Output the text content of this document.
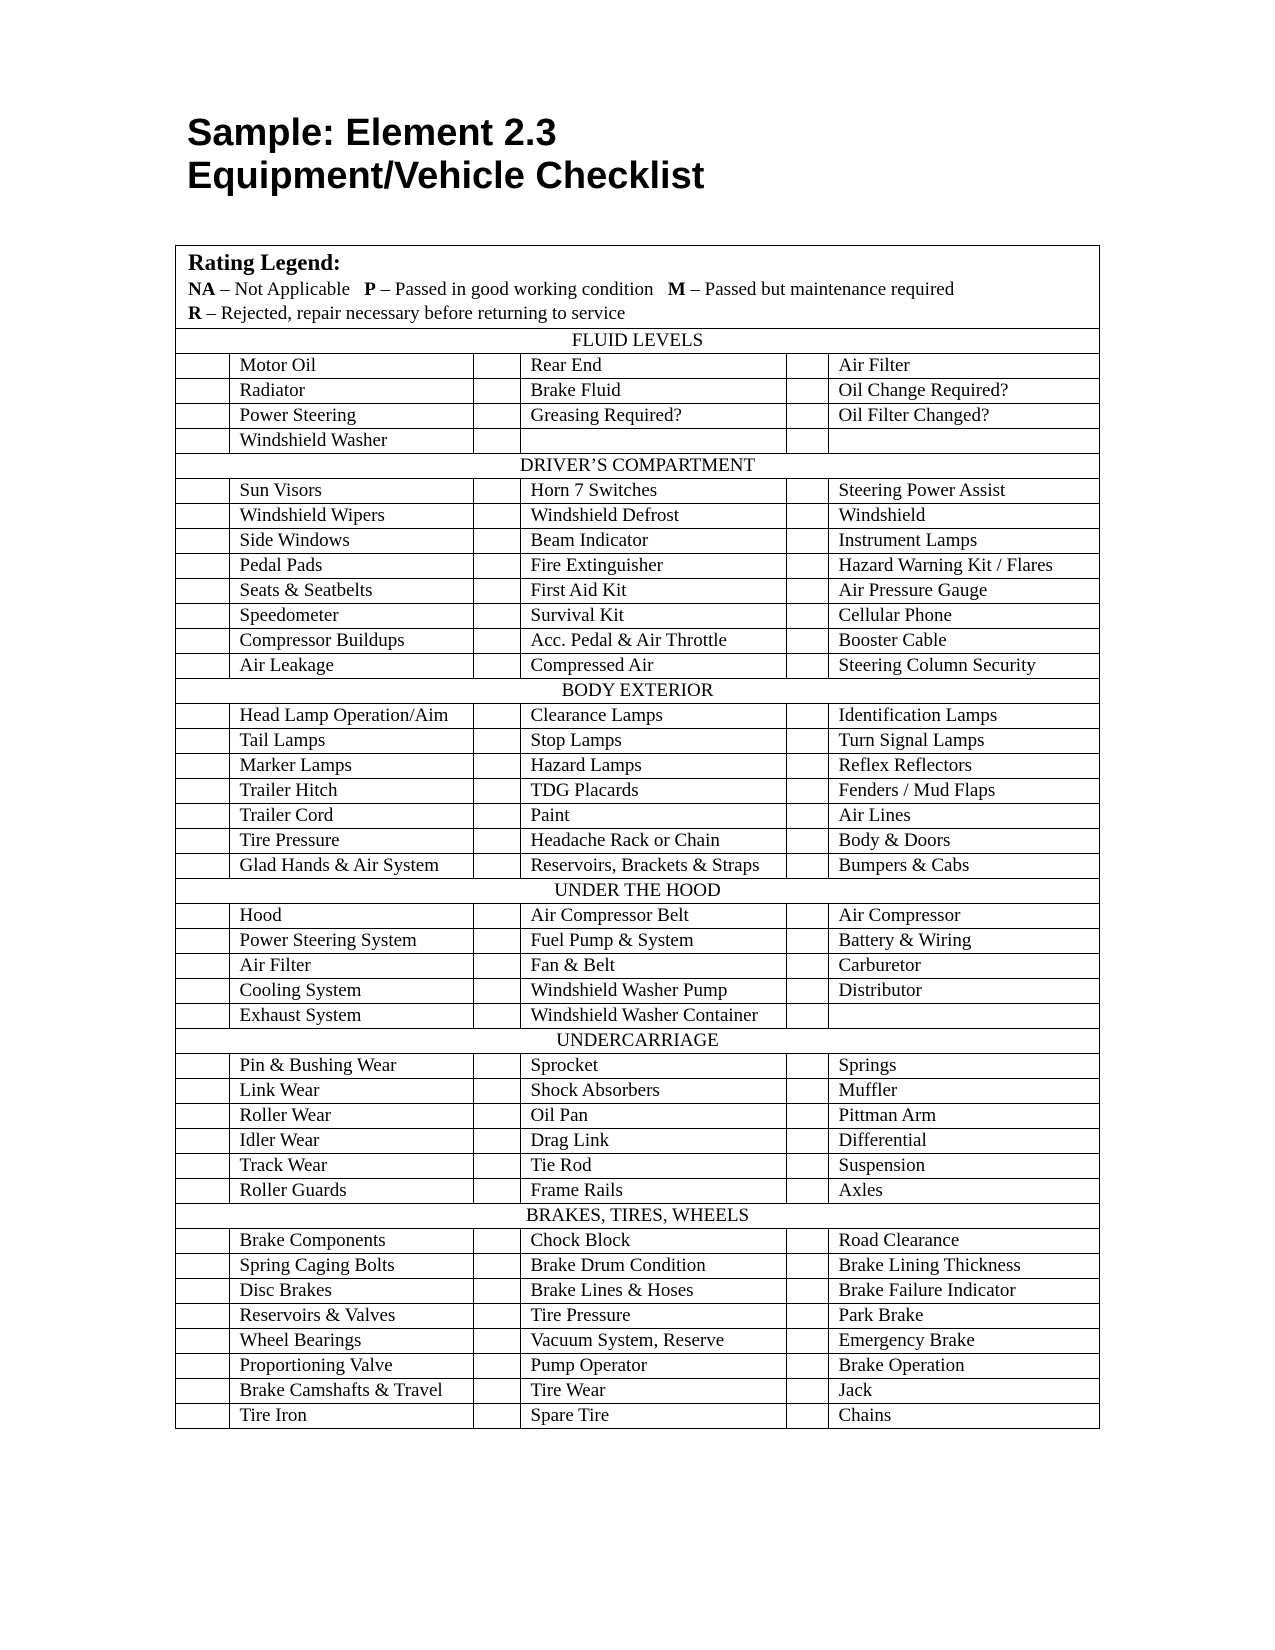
Sample: Element 2.3
Equipment/Vehicle Checklist
Rating Legend:
NA – Not Applicable P – Passed in good working condition M – Passed but maintenance required
R – Rejected, repair necessary before returning to service
FLUID LEVELS					
	Motor Oil		Rear End		Air Filter
	Radiator		Brake Fluid		Oil Change Required?
	Power Steering		Greasing Required?		Oil Filter Changed?
	Windshield Washer				
DRIVER’S COMPARTMENT					
	Sun Visors		Horn 7 Switches		Steering Power Assist
	Windshield Wipers		Windshield Defrost		Windshield
	Side Windows		Beam Indicator		Instrument Lamps
	Pedal Pads		Fire Extinguisher		Hazard Warning Kit / Flares
	Seats & Seatbelts		First Aid Kit		Air Pressure Gauge
	Speedometer		Survival Kit		Cellular Phone
	Compressor Buildups		Acc. Pedal & Air Throttle		Booster Cable
	Air Leakage		Compressed Air		Steering Column Security
BODY EXTERIOR					
	Head Lamp Operation/Aim		Clearance Lamps		Identification Lamps
	Tail Lamps		Stop Lamps		Turn Signal Lamps
	Marker Lamps		Hazard Lamps		Reflex Reflectors
	Trailer Hitch		TDG Placards		Fenders / Mud Flaps
	Trailer Cord		Paint		Air Lines
	Tire Pressure		Headache Rack or Chain		Body & Doors
	Glad Hands & Air System		Reservoirs, Brackets & Straps		Bumpers & Cabs
UNDER THE HOOD					
	Hood		Air Compressor Belt		Air Compressor
	Power Steering System		Fuel Pump & System		Battery & Wiring
	Air Filter		Fan & Belt		Carburetor
	Cooling System		Windshield Washer Pump		Distributor
	Exhaust System		Windshield Washer Container		
UNDERCARRIAGE					
	Pin & Bushing Wear		Sprocket		Springs
	Link Wear		Shock Absorbers		Muffler
	Roller Wear		Oil Pan		Pittman Arm
	Idler Wear		Drag Link		Differential
	Track Wear		Tie Rod		Suspension
	Roller Guards		Frame Rails		Axles
BRAKES, TIRES, WHEELS					
	Brake Components		Chock Block		Road Clearance
	Spring Caging Bolts		Brake Drum Condition		Brake Lining Thickness
	Disc Brakes		Brake Lines & Hoses		Brake Failure Indicator
	Reservoirs & Valves		Tire Pressure		Park Brake
	Wheel Bearings		Vacuum System, Reserve		Emergency Brake
	Proportioning Valve		Pump Operator		Brake Operation
	Brake Camshafts & Travel		Tire Wear		Jack
	Tire Iron		Spare Tire		Chains
